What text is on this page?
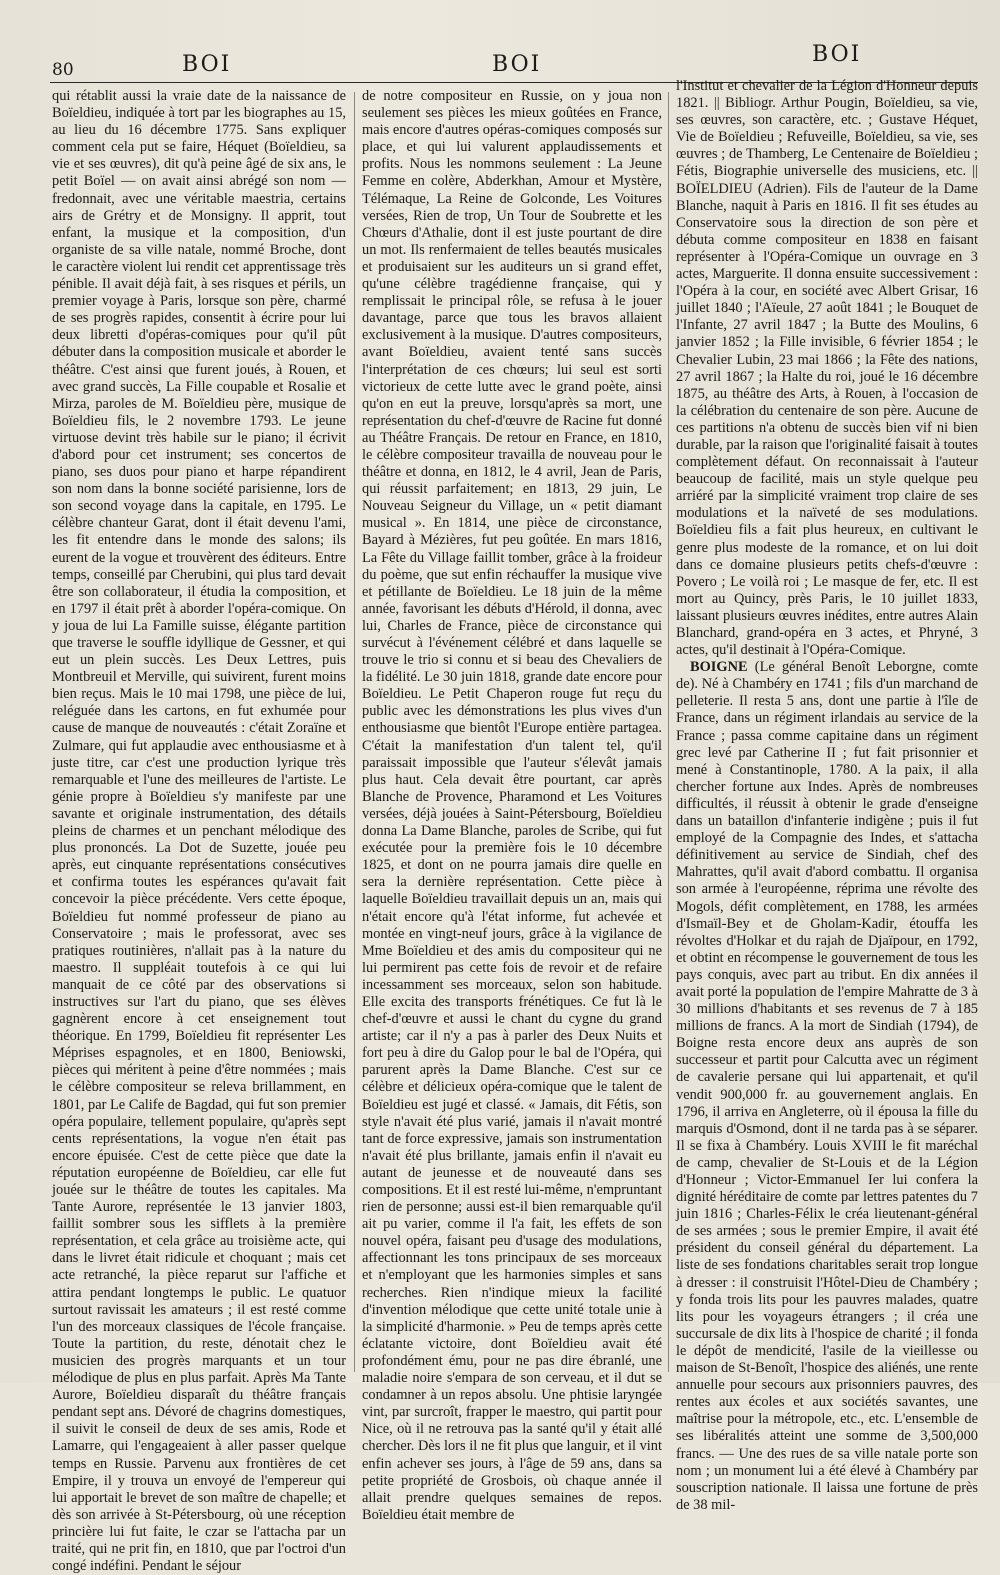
80	BOI	BOI	BOI

qui rétablit aussi la vraie date de la naissance de Boïeldieu, indiquée à tort par les biographes au 15, au lieu du 16 décembre 1775. Sans expliquer comment cela put se faire, Héquet (Boïeldieu, sa vie et ses œuvres), dit qu'à peine âgé de six ans, le petit Boïel — on avait ainsi abrégé son nom — fredonnait, avec une véritable maestria, certains airs de Grétry et de Monsigny. Il apprit, tout enfant, la musique et la composition, d'un organiste de sa ville natale, nommé Broche, dont le caractère violent lui rendit cet apprentissage très pénible. Il avait déjà fait, à ses risques et périls, un premier voyage à Paris, lorsque son père, charmé de ses progrès rapides, consentit à écrire pour lui deux libretti d'opéras-comiques pour qu'il pût débuter dans la composition musicale et aborder le théâtre. C'est ainsi que furent joués, à Rouen, et avec grand succès, La Fille coupable et Rosalie et Mirza, paroles de M. Boïeldieu père, musique de Boïeldieu fils, le 2 novembre 1793. Le jeune virtuose devint très habile sur le piano; il écrivit d'abord pour cet instrument; ses concertos de piano, ses duos pour piano et harpe répandirent son nom dans la bonne société parisienne, lors de son second voyage dans la capitale, en 1795. Le célèbre chanteur Garat, dont il était devenu l'ami, les fit entendre dans le monde des salons; ils eurent de la vogue et trouvèrent des éditeurs. Entre temps, conseillé par Cherubini, qui plus tard devait être son collaborateur, il étudia la composition, et en 1797 il était prêt à aborder l'opéra-comique. On y joua de lui La Famille suisse, élégante partition que traverse le souffle idyllique de Gessner, et qui eut un plein succès. Les Deux Lettres, puis Montbreuil et Merville, qui suivirent, furent moins bien reçus. Mais le 10 mai 1798, une pièce de lui, reléguée dans les cartons, en fut exhumée pour cause de manque de nouveautés : c'était Zoraïne et Zulmare, qui fut applaudie avec enthousiasme et à juste titre, car c'est une production lyrique très remarquable et l'une des meilleures de l'artiste. Le génie propre à Boïeldieu s'y manifeste par une savante et originale instrumentation, des détails pleins de charmes et un penchant mélodique des plus prononcés. La Dot de Suzette, jouée peu après, eut cinquante représentations consécutives et confirma toutes les espérances qu'avait fait concevoir la pièce précédente. Vers cette époque, Boïeldieu fut nommé professeur de piano au Conservatoire ; mais le professorat, avec ses pratiques routinières, n'allait pas à la nature du maestro. Il suppléait toutefois à ce qui lui manquait de ce côté par des observations si instructives sur l'art du piano, que ses élèves gagnèrent encore à cet enseignement tout théorique. En 1799, Boïeldieu fit représenter Les Méprises espagnoles, et en 1800, Beniowski, pièces qui méritent à peine d'être nommées ; mais le célèbre compositeur se releva brillamment, en 1801, par Le Calife de Bagdad, qui fut son premier opéra populaire, tellement populaire, qu'après sept cents représentations, la vogue n'en était pas encore épuisée. C'est de cette pièce que date la réputation européenne de Boïeldieu, car elle fut jouée sur le théâtre de toutes les capitales. Ma Tante Aurore, représentée le 13 janvier 1803, faillit sombrer sous les sifflets à la première représentation, et cela grâce au troisième acte, qui dans le livret était ridicule et choquant ; mais cet acte retranché, la pièce reparut sur l'affiche et attira pendant longtemps le public. Le quatuor surtout ravissait les amateurs ; il est resté comme l'un des morceaux classiques de l'école française. Toute la partition, du reste, dénotait chez le musicien des progrès marquants et un tour mélodique de plus en plus parfait. Après Ma Tante Aurore, Boïeldieu disparaît du théâtre français pendant sept ans. Dévoré de chagrins domestiques, il suivit le conseil de deux de ses amis, Rode et Lamarre, qui l'engageaient à aller passer quelque temps en Russie. Parvenu aux frontières de cet Empire, il y trouva un envoyé de l'empereur qui lui apportait le brevet de son maître de chapelle; et dès son arrivée à St-Pétersbourg, où une réception princière lui fut faite, le czar se l'attacha par un traité, qui ne prit fin, en 1810, que par l'octroi d'un congé indéfini. Pendant le séjour

de notre compositeur en Russie, on y joua non seulement ses pièces les mieux goûtées en France, mais encore d'autres opéras-comiques composés sur place, et qui lui valurent applaudissements et profits. Nous les nommons seulement : La Jeune Femme en colère, Abderkhan, Amour et Mystère, Télémaque, La Reine de Golconde, Les Voitures versées, Rien de trop, Un Tour de Soubrette et les Chœurs d'Athalie, dont il est juste pourtant de dire un mot. Ils renfermaient de telles beautés musicales et produisaient sur les auditeurs un si grand effet, qu'une célèbre tragédienne française, qui y remplissait le principal rôle, se refusa à le jouer davantage, parce que tous les bravos allaient exclusivement à la musique. D'autres compositeurs, avant Boïeldieu, avaient tenté sans succès l'interprétation de ces chœurs; lui seul est sorti victorieux de cette lutte avec le grand poète, ainsi qu'on en eut la preuve, lorsqu'après sa mort, une représentation du chef-d'œuvre de Racine fut donné au Théâtre Français. De retour en France, en 1810, le célèbre compositeur travailla de nouveau pour le théâtre et donna, en 1812, le 4 avril, Jean de Paris, qui réussit parfaitement; en 1813, 29 juin, Le Nouveau Seigneur du Village, un « petit diamant musical ». En 1814, une pièce de circonstance, Bayard à Mézières, fut peu goûtée. En mars 1816, La Fête du Village faillit tomber, grâce à la froideur du poème, que sut enfin réchauffer la musique vive et pétillante de Boïeldieu. Le 18 juin de la même année, favorisant les débuts d'Hérold, il donna, avec lui, Charles de France, pièce de circonstance qui survécut à l'événement célébré et dans laquelle se trouve le trio si connu et si beau des Chevaliers de la fidélité. Le 30 juin 1818, grande date encore pour Boïeldieu. Le Petit Chaperon rouge fut reçu du public avec les démonstrations les plus vives d'un enthousiasme que bientôt l'Europe entière partagea. C'était la manifestation d'un talent tel, qu'il paraissait impossible que l'auteur s'élevât jamais plus haut. Cela devait être pourtant, car après Blanche de Provence, Pharamond et Les Voitures versées, déjà jouées à Saint-Pétersbourg, Boïeldieu donna La Dame Blanche, paroles de Scribe, qui fut exécutée pour la première fois le 10 décembre 1825, et dont on ne pourra jamais dire quelle en sera la dernière représentation. Cette pièce à laquelle Boïeldieu travaillait depuis un an, mais qui n'était encore qu'à l'état informe, fut achevée et montée en vingt-neuf jours, grâce à la vigilance de Mme Boïeldieu et des amis du compositeur qui ne lui permirent pas cette fois de revoir et de refaire incessamment ses morceaux, selon son habitude. Elle excita des transports frénétiques. Ce fut là le chef-d'œuvre et aussi le chant du cygne du grand artiste; car il n'y a pas à parler des Deux Nuits et fort peu à dire du Galop pour le bal de l'Opéra, qui parurent après la Dame Blanche. C'est sur ce célèbre et délicieux opéra-comique que le talent de Boïeldieu est jugé et classé. « Jamais, dit Fétis, son style n'avait été plus varié, jamais il n'avait montré tant de force expressive, jamais son instrumentation n'avait été plus brillante, jamais enfin il n'avait eu autant de jeunesse et de nouveauté dans ses compositions. Et il est resté lui-même, n'empruntant rien de personne; aussi est-il bien remarquable qu'il ait pu varier, comme il l'a fait, les effets de son nouvel opéra, faisant peu d'usage des modulations, affectionnant les tons principaux de ses morceaux et n'employant que les harmonies simples et sans recherches. Rien n'indique mieux la facilité d'invention mélodique que cette unité totale unie à la simplicité d'harmonie. » Peu de temps après cette éclatante victoire, dont Boïeldieu avait été profondément ému, pour ne pas dire ébranlé, une maladie noire s'empara de son cerveau, et il dut se condamner à un repos absolu. Une phtisie laryngée vint, par surcroît, frapper le maestro, qui partit pour Nice, où il ne retrouva pas la santé qu'il y était allé chercher. Dès lors il ne fit plus que languir, et il vint enfin achever ses jours, à l'âge de 59 ans, dans sa petite propriété de Grosbois, où chaque année il allait prendre quelques semaines de repos. Boïeldieu était membre de

l'Institut et chevalier de la Légion d'Honneur depuis 1821. || Bibliogr. Arthur Pougin, Boïeldieu, sa vie, ses œuvres, son caractère, etc. ; Gustave Héquet, Vie de Boïeldieu ; Refuveille, Boïeldieu, sa vie, ses œuvres ; de Thamberg, Le Centenaire de Boïeldieu ; Fétis, Biographie universelle des musiciens, etc. || BOÏELDIEU (Adrien). Fils de l'auteur de la Dame Blanche, naquit à Paris en 1816. Il fit ses études au Conservatoire sous la direction de son père et débuta comme compositeur en 1838 en faisant représenter à l'Opéra-Comique un ouvrage en 3 actes, Marguerite. Il donna ensuite successivement : l'Opéra à la cour, en société avec Albert Grisar, 16 juillet 1840 ; l'Aïeule, 27 août 1841 ; le Bouquet de l'Infante, 27 avril 1847 ; la Butte des Moulins, 6 janvier 1852 ; la Fille invisible, 6 février 1854 ; le Chevalier Lubin, 23 mai 1866 ; la Fête des nations, 27 avril 1867 ; la Halte du roi, joué le 16 décembre 1875, au théâtre des Arts, à Rouen, à l'occasion de la célébration du centenaire de son père. Aucune de ces partitions n'a obtenu de succès bien vif ni bien durable, par la raison que l'originalité faisait à toutes complètement défaut. On reconnaissait à l'auteur beaucoup de facilité, mais un style quelque peu arriéré par la simplicité vraiment trop claire de ses modulations et la naïveté de ses modulations. Boïeldieu fils a fait plus heureux, en cultivant le genre plus modeste de la romance, et on lui doit dans ce domaine plusieurs petits chefs-d'œuvre : Povero ; Le voilà roi ; Le masque de fer, etc. Il est mort au Quincy, près Paris, le 10 juillet 1833, laissant plusieurs œuvres inédites, entre autres Alain Blanchard, grand-opéra en 3 actes, et Phryné, 3 actes, qu'il destinait à l'Opéra-Comique.

BOIGNE (Le général Benoît Leborgne, comte de). Né à Chambéry en 1741 ; fils d'un marchand de pelleterie. Il resta 5 ans, dont une partie à l'île de France, dans un régiment irlandais au service de la France ; passa comme capitaine dans un régiment grec levé par Catherine II ; fut fait prisonnier et mené à Constantinople, 1780. A la paix, il alla chercher fortune aux Indes. Après de nombreuses difficultés, il réussit à obtenir le grade d'enseigne dans un bataillon d'infanterie indigène ; puis il fut employé de la Compagnie des Indes, et s'attacha définitivement au service de Sindiah, chef des Mahrattes, qu'il avait d'abord combattu. Il organisa son armée à l'européenne, réprima une révolte des Mogols, défit complètement, en 1788, les armées d'Ismaïl-Bey et de Gholam-Kadir, étouffa les révoltes d'Holkar et du rajah de Djaïpour, en 1792, et obtint en récompense le gouvernement de tous les pays conquis, avec part au tribut. En dix années il avait porté la population de l'empire Mahratte de 3 à 30 millions d'habitants et ses revenus de 7 à 185 millions de francs. A la mort de Sindiah (1794), de Boigne resta encore deux ans auprès de son successeur et partit pour Calcutta avec un régiment de cavalerie persane qui lui appartenait, et qu'il vendit 900,000 fr. au gouvernement anglais. En 1796, il arriva en Angleterre, où il épousa la fille du marquis d'Osmond, dont il ne tarda pas à se séparer. Il se fixa à Chambéry. Louis XVIII le fit maréchal de camp, chevalier de St-Louis et de la Légion d'Honneur ; Victor-Emmanuel Ier lui confera la dignité héréditaire de comte par lettres patentes du 7 juin 1816 ; Charles-Félix le créa lieutenant-général de ses armées ; sous le premier Empire, il avait été président du conseil général du département. La liste de ses fondations charitables serait trop longue à dresser : il construisit l'Hôtel-Dieu de Chambéry ; y fonda trois lits pour les pauvres malades, quatre lits pour les voyageurs étrangers ; il créa une succursale de dix lits à l'hospice de charité ; il fonda le dépôt de mendicité, l'asile de la vieillesse ou maison de St-Benoît, l'hospice des aliénés, une rente annuelle pour secours aux prisonniers pauvres, des rentes aux écoles et aux sociétés savantes, une maîtrise pour la métropole, etc., etc. L'ensemble de ses libéralités atteint une somme de 3,500,000 francs. — Une des rues de sa ville natale porte son nom ; un monument lui a été élevé à Chambéry par souscription nationale. Il laissa une fortune de près de 38 mil-
